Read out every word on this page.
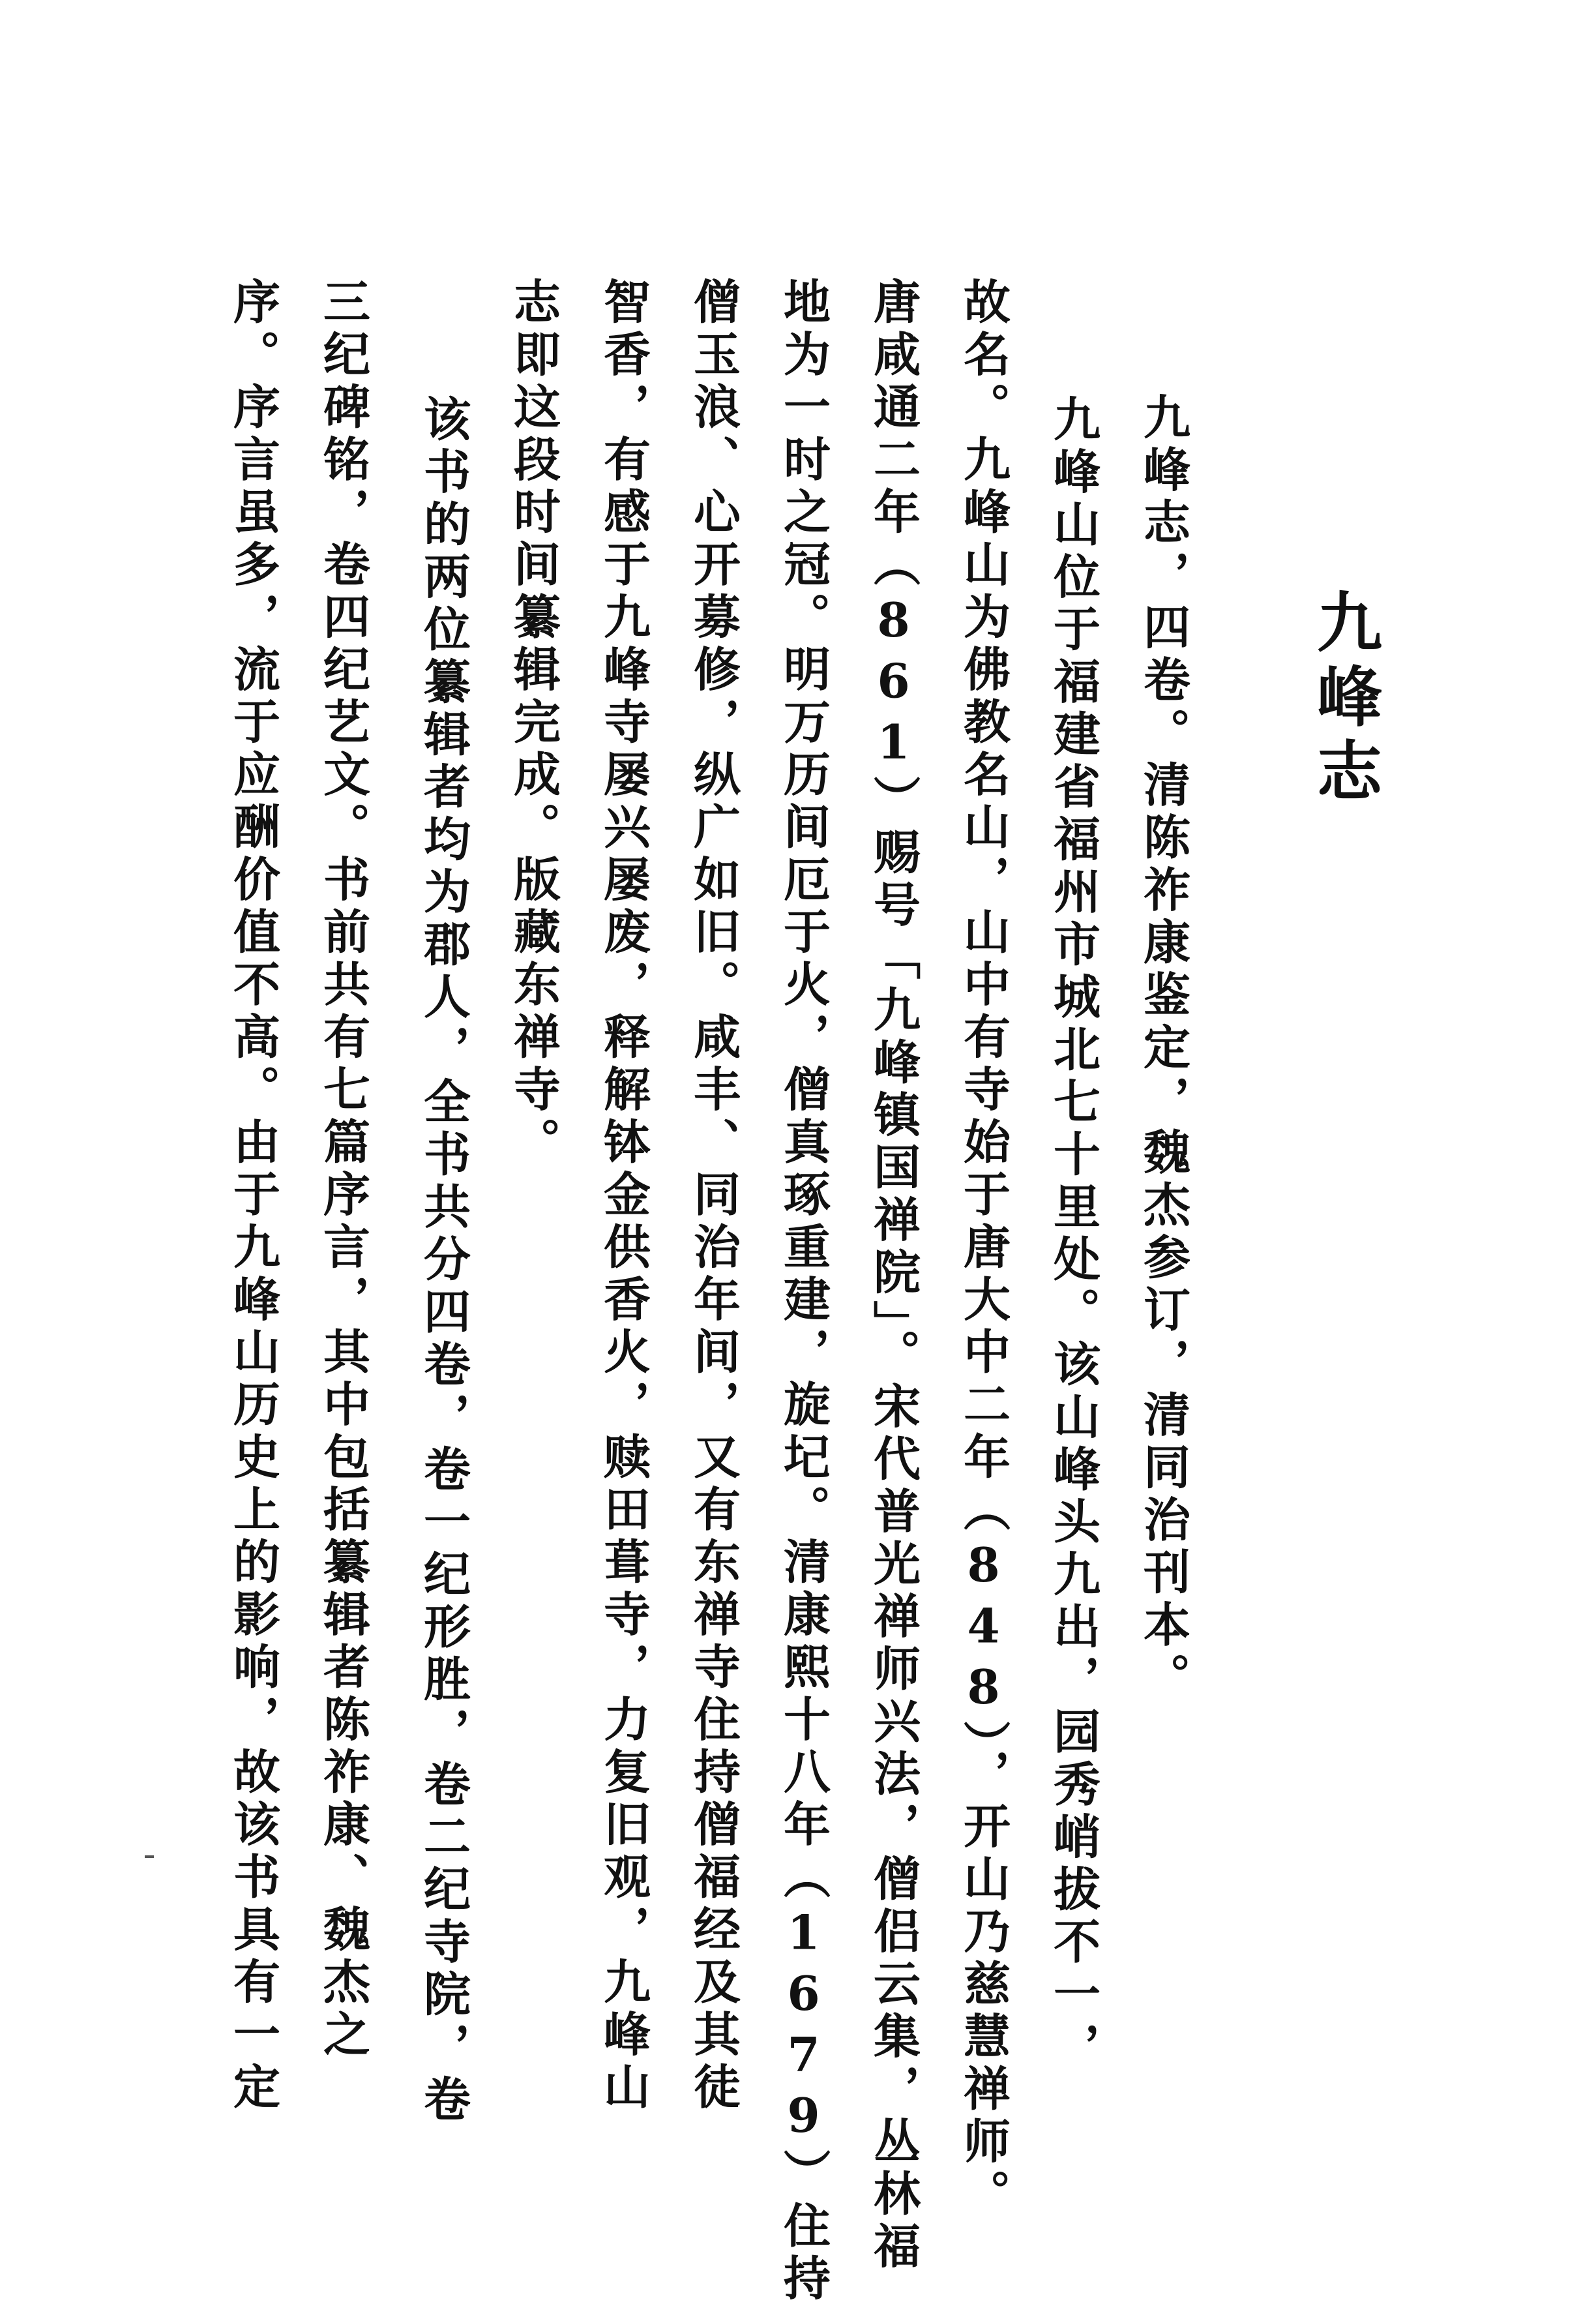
九峰志
九峰志，四卷。清陈祚康鉴定，魏杰参订，清同治刊本。
九峰山位于福建省福州市城北七十里处。该山峰头九出，园秀峭拔不一，
故名。九峰山为佛教名山，山中有寺始于唐大中二年（848），开山乃慈慧禅师。
唐咸通二年（861）赐号「九峰镇国禅院」。宋代普光禅师兴法，僧侣云集，丛林福
地为一时之冠。明万历间厄于火，僧真琢重建，旋圮。清康熙十八年（1679）住持
僧玉浪、心开募修，纵广如旧。咸丰、同治年间，又有东禅寺住持僧福经及其徒
智香，有感于九峰寺屡兴屡废，释解钵金供香火，赎田葺寺，力复旧观，九峰山
志即这段时间纂辑完成。版藏东禅寺。
该书的两位纂辑者均为郡人，全书共分四卷，卷一纪形胜，卷二纪寺院，卷
三纪碑铭，卷四纪艺文。书前共有七篇序言，其中包括纂辑者陈祚康、魏杰之
序。序言虽多，流于应酬价值不高。由于九峰山历史上的影响，故该书具有一定
